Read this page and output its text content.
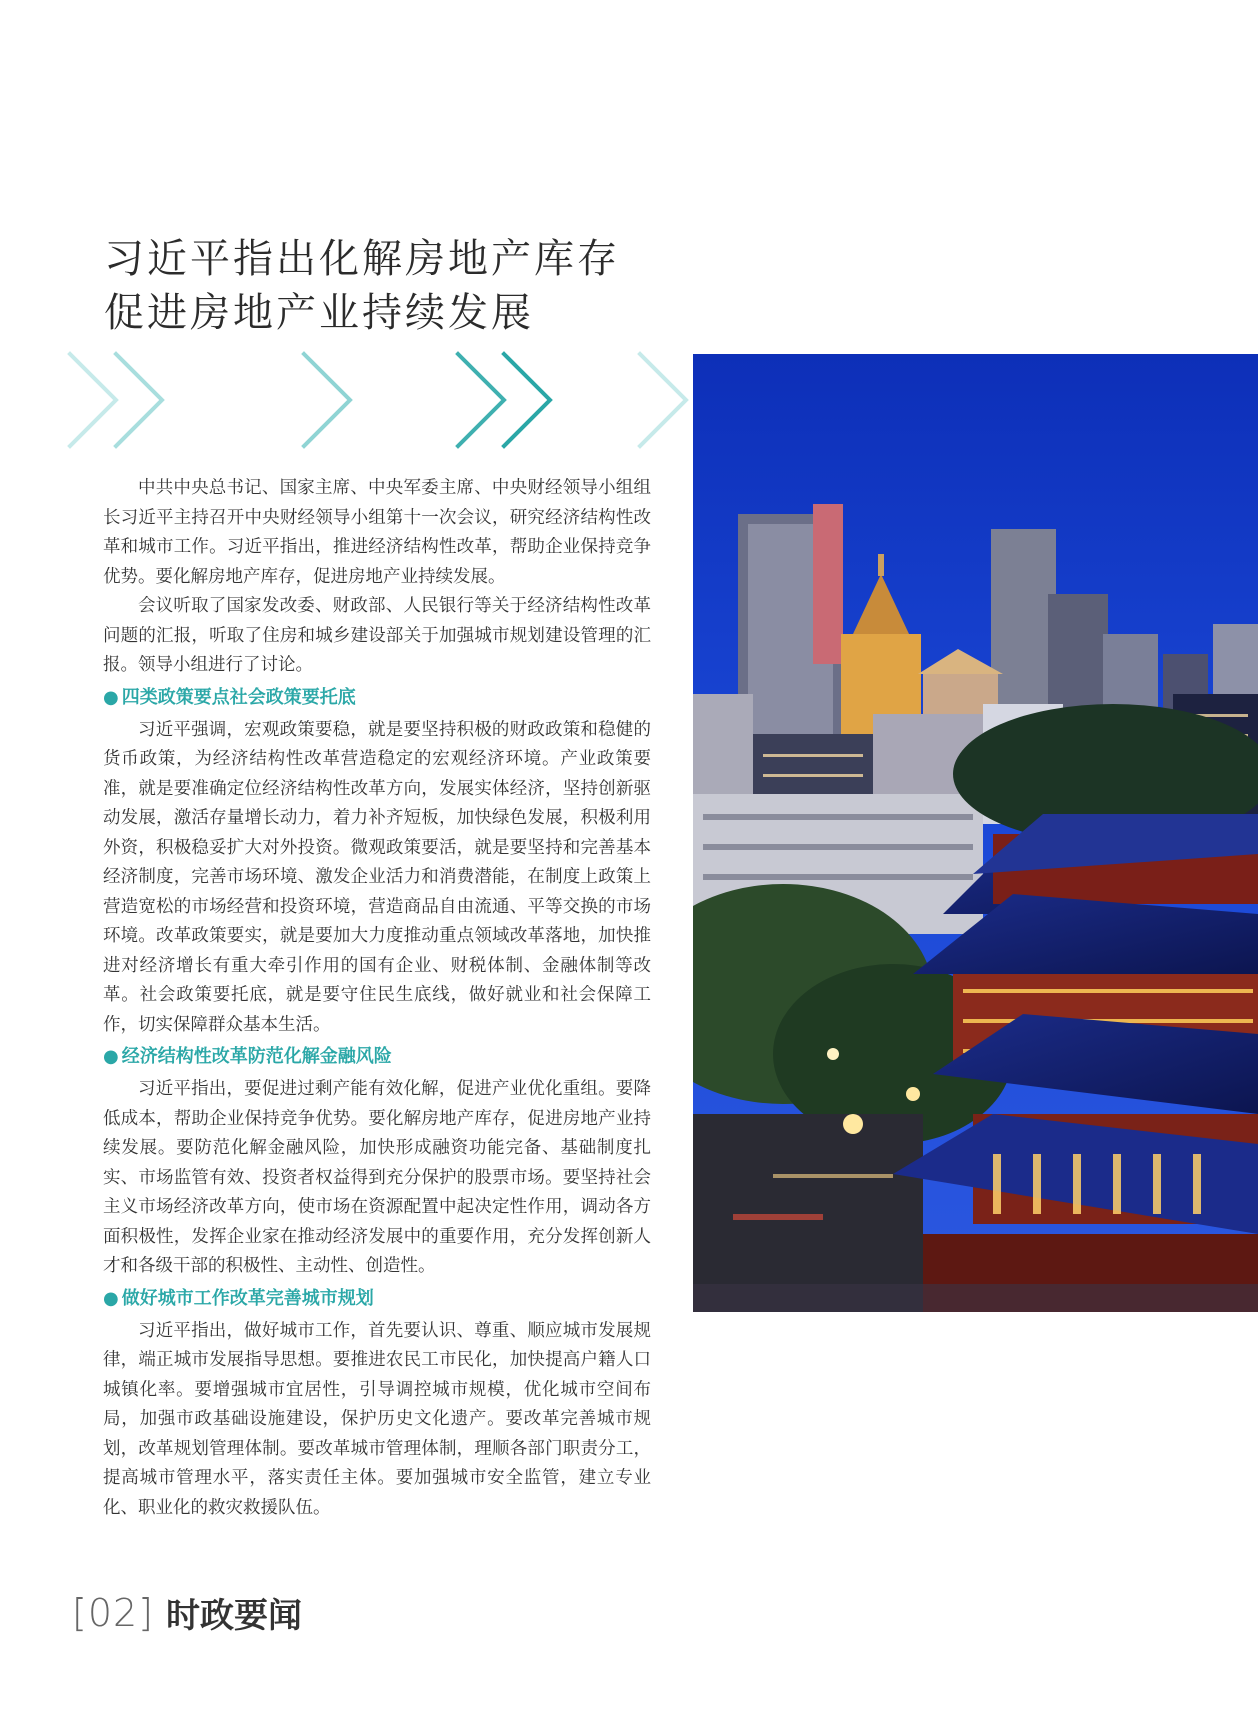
习近平指出化解房地产库存
促进房地产业持续发展

中共中央总书记、国家主席、中央军委主席、中央财经领导小组组长习近平主持召开中央财经领导小组第十一次会议，研究经济结构性改革和城市工作。习近平指出，推进经济结构性改革，帮助企业保持竞争优势。要化解房地产库存，促进房地产业持续发展。

会议听取了国家发改委、财政部、人民银行等关于经济结构性改革问题的汇报，听取了住房和城乡建设部关于加强城市规划建设管理的汇报。领导小组进行了讨论。

● 四类政策要点社会政策要托底

习近平强调，宏观政策要稳，就是要坚持积极的财政政策和稳健的货币政策，为经济结构性改革营造稳定的宏观经济环境。产业政策要准，就是要准确定位经济结构性改革方向，发展实体经济，坚持创新驱动发展，激活存量增长动力，着力补齐短板，加快绿色发展，积极利用外资，积极稳妥扩大对外投资。微观政策要活，就是要坚持和完善基本经济制度，完善市场环境、激发企业活力和消费潜能，在制度上政策上营造宽松的市场经营和投资环境，营造商品自由流通、平等交换的市场环境。改革政策要实，就是要加大力度推动重点领域改革落地，加快推进对经济增长有重大牵引作用的国有企业、财税体制、金融体制等改革。社会政策要托底，就是要守住民生底线，做好就业和社会保障工作，切实保障群众基本生活。

● 经济结构性改革防范化解金融风险

习近平指出，要促进过剩产能有效化解，促进产业优化重组。要降低成本，帮助企业保持竞争优势。要化解房地产库存，促进房地产业持续发展。要防范化解金融风险，加快形成融资功能完备、基础制度扎实、市场监管有效、投资者权益得到充分保护的股票市场。要坚持社会主义市场经济改革方向，使市场在资源配置中起决定性作用，调动各方面积极性，发挥企业家在推动经济发展中的重要作用，充分发挥创新人才和各级干部的积极性、主动性、创造性。

● 做好城市工作改革完善城市规划

习近平指出，做好城市工作，首先要认识、尊重、顺应城市发展规律，端正城市发展指导思想。要推进农民工市民化，加快提高户籍人口城镇化率。要增强城市宜居性，引导调控城市规模，优化城市空间布局，加强市政基础设施建设，保护历史文化遗产。要改革完善城市规划，改革规划管理体制。要改革城市管理体制，理顺各部门职责分工，提高城市管理水平，落实责任主体。要加强城市安全监管，建立专业化、职业化的救灾救援队伍。

[02] 时政要闻
